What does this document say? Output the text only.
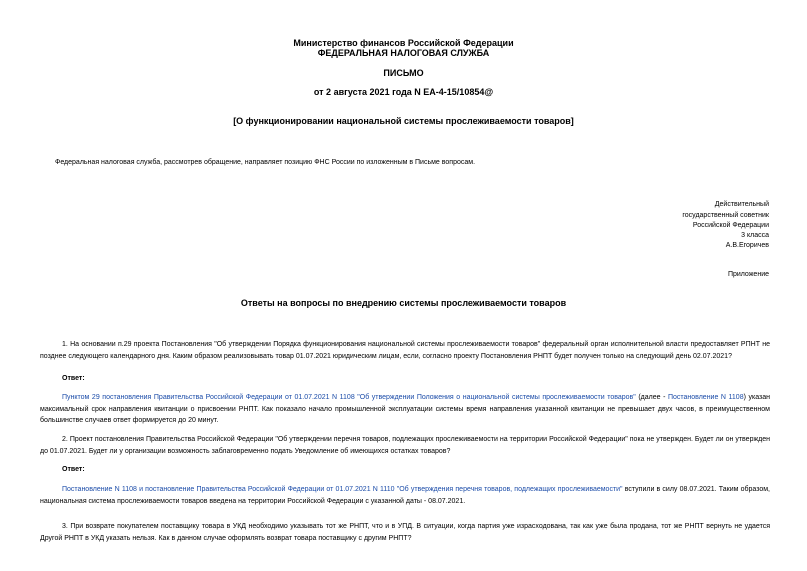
Министерство финансов Российской Федерации
ФЕДЕРАЛЬНАЯ НАЛОГОВАЯ СЛУЖБА
ПИСЬМО
от 2 августа 2021 года N ЕА-4-15/10854@
[О функционировании национальной системы прослеживаемости товаров]
Федеральная налоговая служба, рассмотрев обращение, направляет позицию ФНС России по изложенным в Письме вопросам.
Действительный
государственный советник
Российской Федерации
3 класса
А.В.Егоричев
Приложение
Ответы на вопросы по внедрению системы прослеживаемости товаров
1. На основании п.29 проекта Постановления "Об утверждении Порядка функционирования национальной системы прослеживаемости товаров" федеральный орган исполнительной власти предоставляет РПНТ не позднее следующего календарного дня. Каким образом реализовывать товар 01.07.2021 юридическим лицам, если, согласно проекту Постановления РНПТ будет получен только на следующий день 02.07.2021?
Ответ:
Пунктом 29 постановления Правительства Российской Федерации от 01.07.2021 N 1108 "Об утверждении Положения о национальной системы прослеживаемости товаров" (далее - Постановление N 1108) указан максимальный срок направления квитанции о присвоении РНПТ. Как показало начало промышленной эксплуатации системы время направления указанной квитанции не превышает двух часов, в преимущественном большинстве случаев ответ формируется до 20 минут.
2. Проект постановления Правительства Российской Федерации "Об утверждении перечня товаров, подлежащих прослеживаемости на территории Российской Федерации" пока не утвержден. Будет ли он утвержден до 01.07.2021. Будет ли у организации возможность заблаговременно подать Уведомление об имеющихся остатках товаров?
Ответ:
Постановление N 1108 и постановление Правительства Российской Федерации от 01.07.2021 N 1110 "Об утверждения перечня товаров, подлежащих прослеживаемости" вступили в силу 08.07.2021. Таким образом, национальная система прослеживаемости товаров введена на территории Российской Федерации с указанной даты - 08.07.2021.
3. При возврате покупателем поставщику товара в УКД необходимо указывать тот же РНПТ, что и в УПД. В ситуации, когда партия уже израсходована, так как уже была продана, тот же РНПТ вернуть не удается Другой РНПТ в УКД указать нельзя. Как в данном случае оформлять возврат товара поставщику с другим РНПТ?
